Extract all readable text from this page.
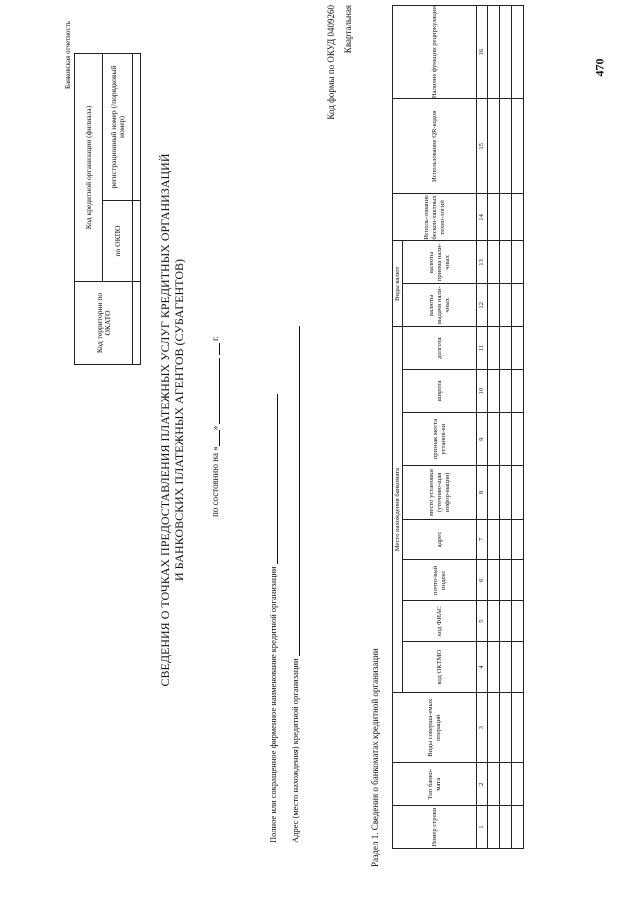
Банковская отчетность
Код территории по ОКАТО	Код кредитной организации (филиала)	
	по ОКПО	регистрационный номер (/порядковый номер)

СВЕДЕНИЯ О ТОЧКАХ ПРЕДОСТАВЛЕНИЯ ПЛАТЕЖНЫХ УСЛУГ КРЕДИТНЫХ ОРГАНИЗАЦИЙ И БАНКОВСКИХ ПЛАТЕЖНЫХ АГЕНТОВ (СУБАГЕНТОВ)	по состоянию на «»   г.
Код формы по ОКУД 0409260 Квартальная
Полное или сокращенное фирменное наименование кредитной организации Адрес (место нахождения) кредитной организации	Раздел 1. Сведения о банкоматах кредитной организации	Номер строки	Тип банко-мата	Виды соверша-емых операций	Место нахождения банкомата								Виды валют		Исполь-зование бескон-тактных техно-логий	Использование QR-кодов	Наличие функции рециркуляции
			код ОКТМО	код ФИАС	почто-вый индекс	адрес	место установки (уточняю-щая инфор-мация)	признак места установ-ки	широта	долгота	валюты выдачи нали-чных	валюты приема нали-чных			
1	2	3	4	5	6	7	8	9	10	11	12	13	14	15	16

470
